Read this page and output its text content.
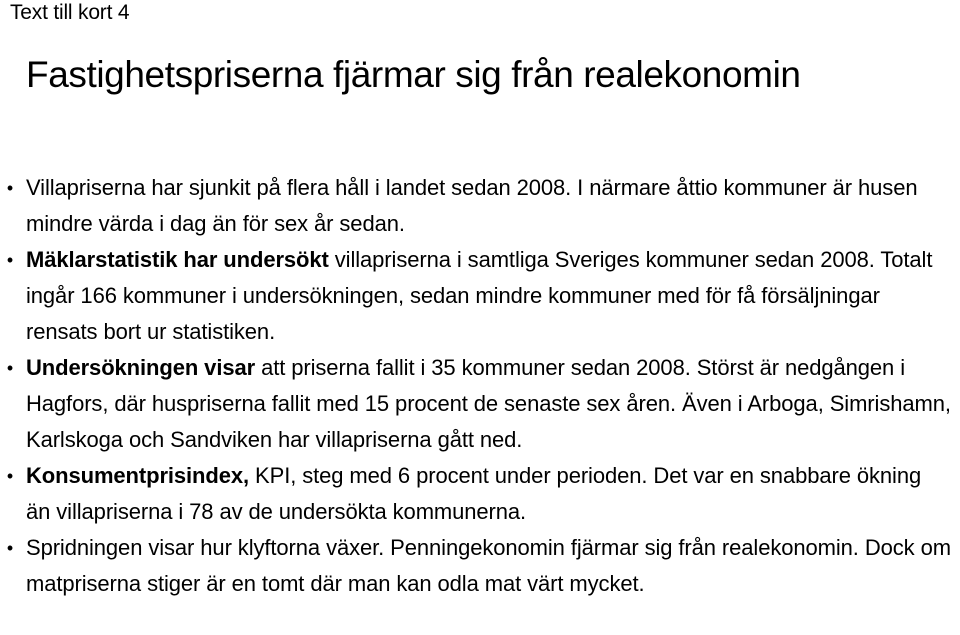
Text till kort 4
Fastighetspriserna fjärmar sig från realekonomin
• Villapriserna har sjunkit på flera håll i landet sedan 2008. I närmare åttio kommuner är husen mindre värda i dag än för sex år sedan.
• Mäklarstatistik har undersökt villapriserna i samtliga Sveriges kommuner sedan 2008. Totalt ingår 166 kommuner i undersökningen, sedan mindre kommuner med för få försäljningar rensats bort ur statistiken.
• Undersökningen visar att priserna fallit i 35 kommuner sedan 2008. Störst är nedgången i Hagfors, där huspriserna fallit med 15 procent de senaste sex åren. Även i Arboga, Simrishamn, Karlskoga och Sandviken har villapriserna gått ned.
• Konsumentprisindex, KPI, steg med 6 procent under perioden. Det var en snabbare ökning än villapriserna i 78 av de undersökta kommunerna.
• Spridningen visar hur klyftorna växer. Penningekonomin fjärmar sig från realekonomin. Dock om matpriserna stiger är en tomt där man kan odla mat värt mycket.
